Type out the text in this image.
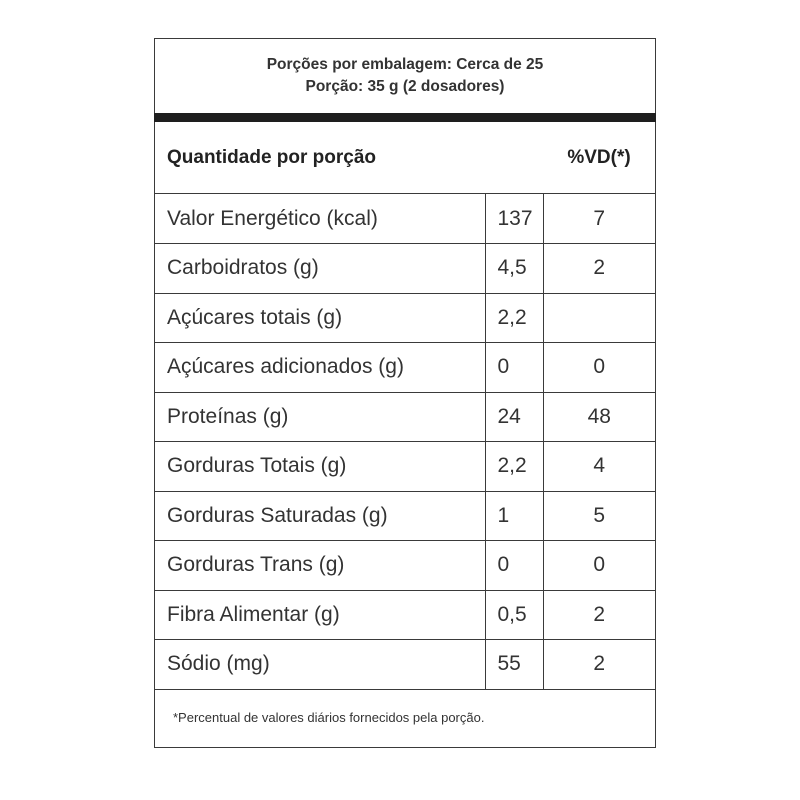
Porções por embalagem: Cerca de 25
Porção: 35 g (2 dosadores)
Quantidade por porção	%VD(*)
Valor Energético (kcal)	137	7
Carboidratos (g)	4,5	2
Açúcares totais (g)	2,2	
Açúcares adicionados (g)	0	0
Proteínas (g)	24	48
Gorduras Totais (g)	2,2	4
Gorduras Saturadas (g)	1	5
Gorduras Trans (g)	0	0
Fibra Alimentar (g)	0,5	2
Sódio (mg)	55	2
*Percentual de valores diários fornecidos pela porção.
